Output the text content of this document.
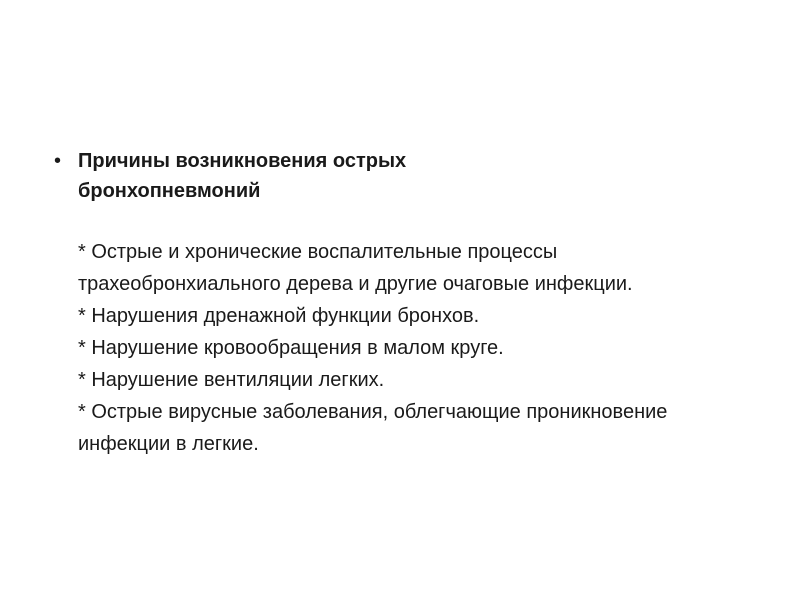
• Причины возникновения острых
бронхопневмоний

* Острые и хронические воспалительные процессы трахеобронхиального дерева и другие очаговые инфекции.

* Нарушения дренажной функции бронхов.

* Нарушение кровообращения в малом круге.

* Нарушение вентиляции легких.

* Острые вирусные заболевания, облегчающие проникновение инфекции в легкие.
